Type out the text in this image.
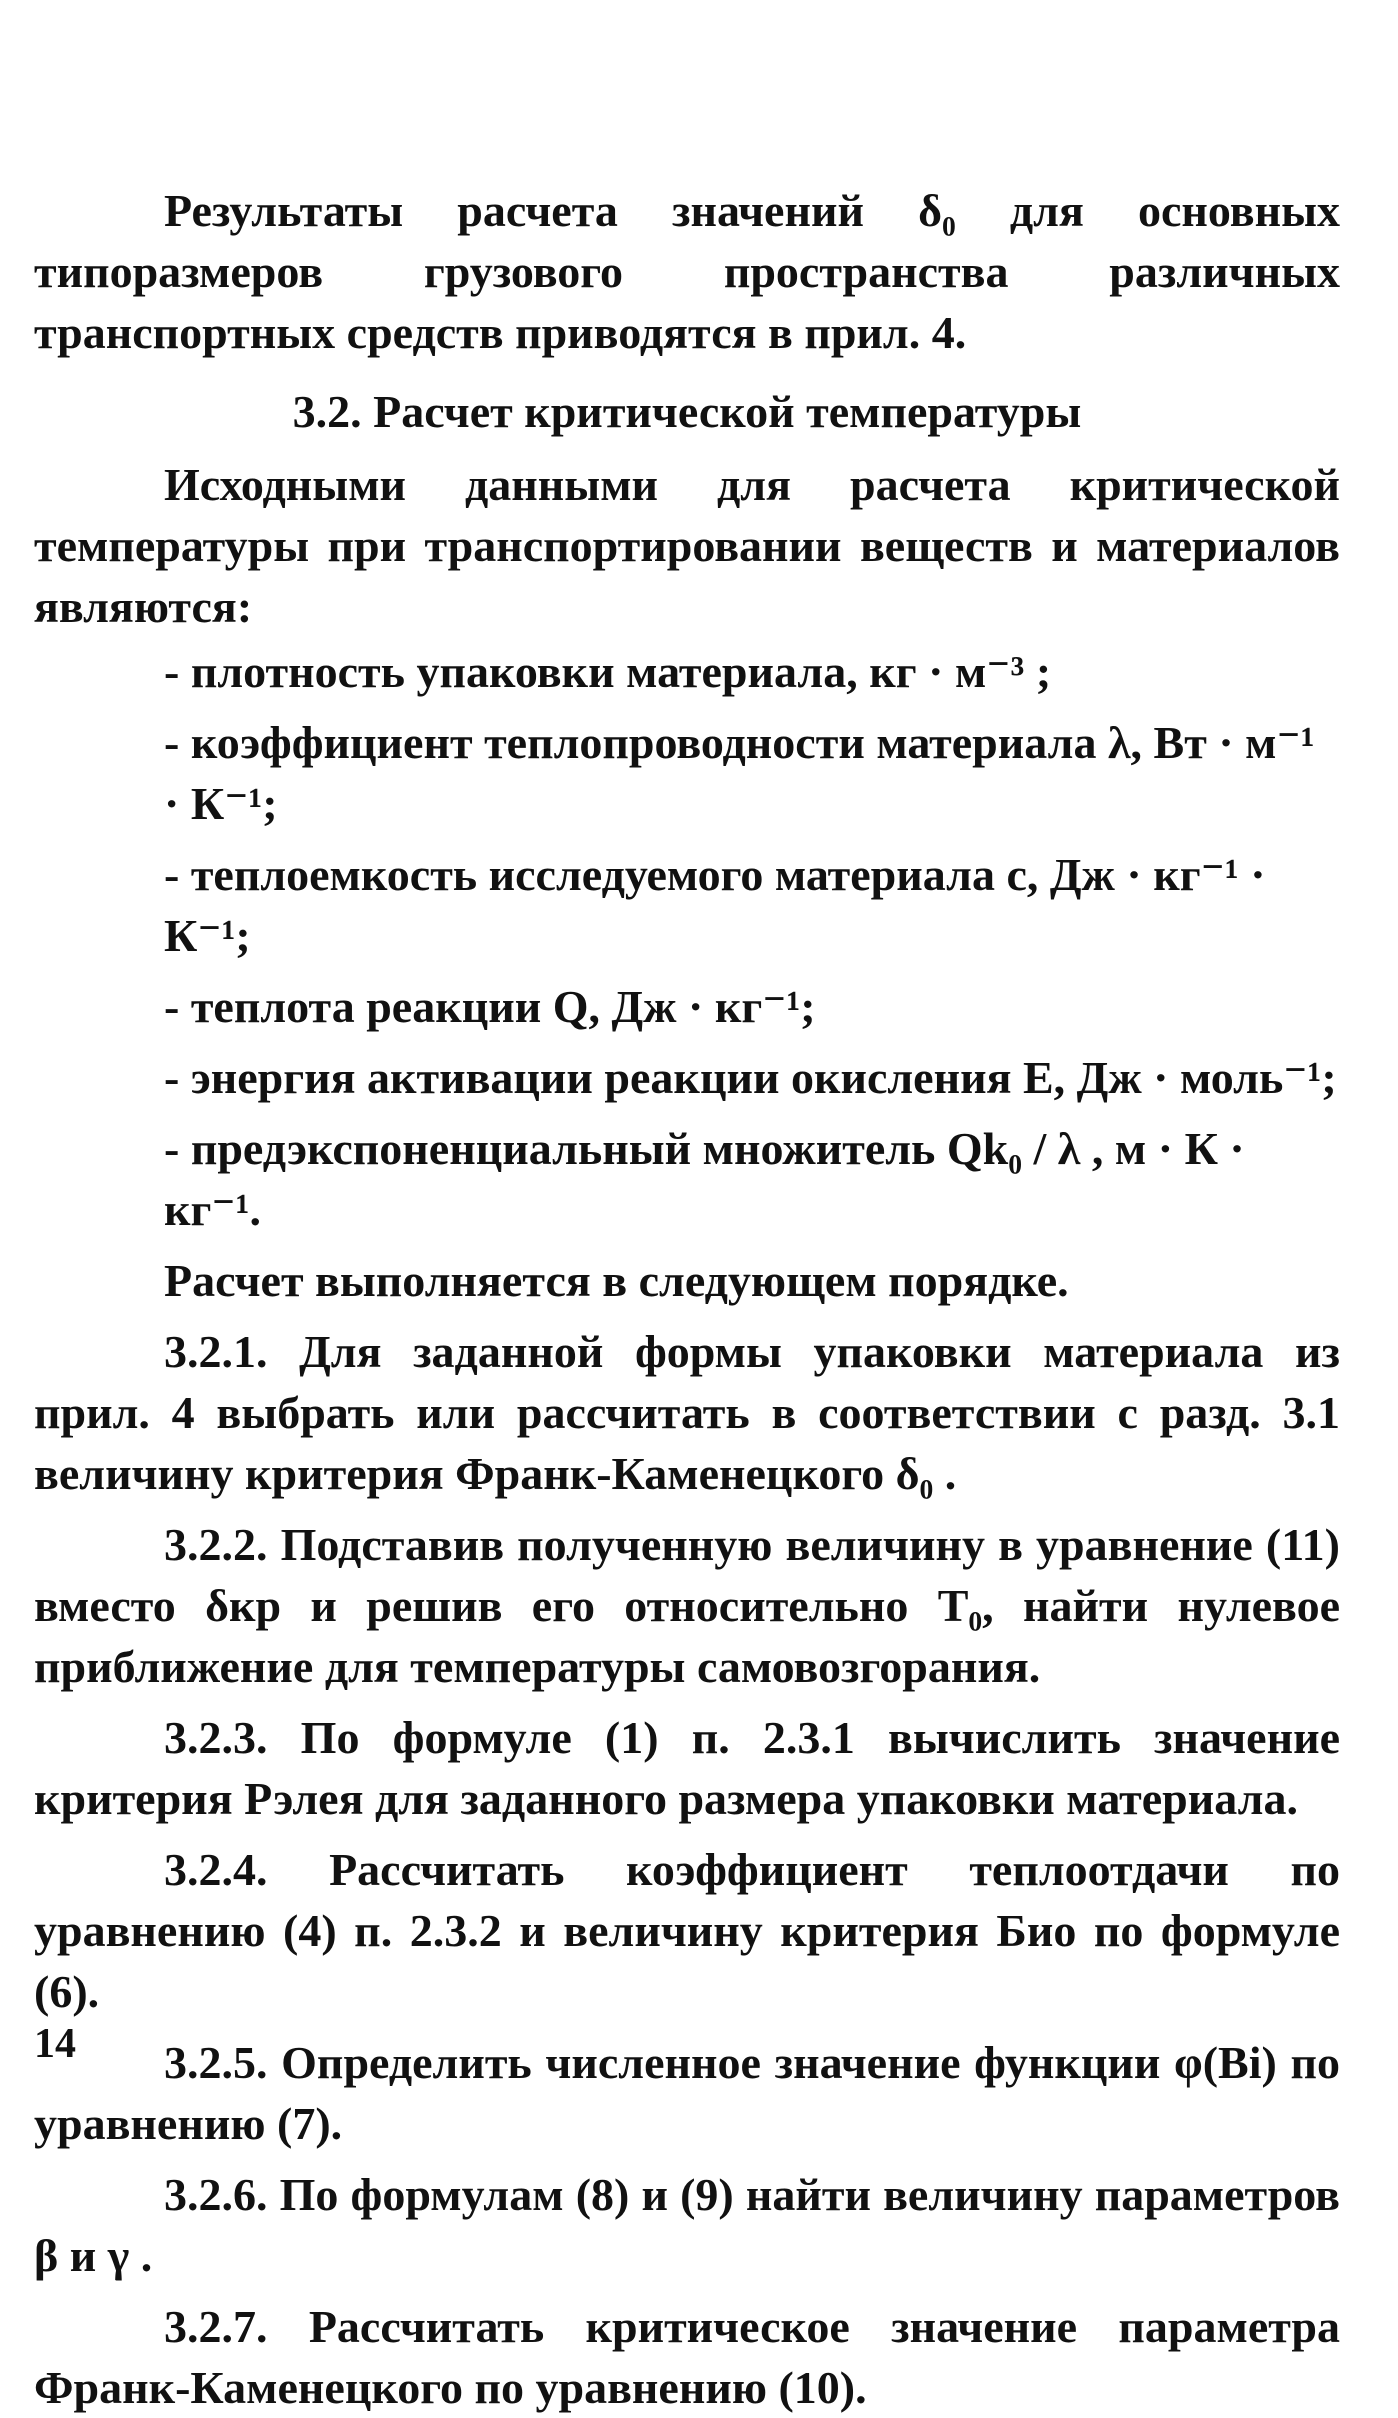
Результаты расчета значений δ₀ для основных типоразмеров грузового пространства различных транспортных средств приводятся в прил. 4.

3.2. Расчет критической температуры

Исходными данными для расчета критической температуры при транспортировании веществ и материалов являются:

- плотность упаковки материала, кг · м⁻³ ;
- коэффициент теплопроводности материала λ, Вт · м⁻¹ · К⁻¹;
- теплоемкость исследуемого материала c, Дж · кг⁻¹ · К⁻¹;
- теплота реакции Q, Дж · кг⁻¹;
- энергия активации реакции окисления E, Дж · моль⁻¹;
- предэкспоненциальный множитель Qk₀ / λ , м · К · кг⁻¹.

Расчет выполняется в следующем порядке.

3.2.1. Для заданной формы упаковки материала из прил. 4 выбрать или рассчитать в соответствии с разд. 3.1 величину критерия Франк-Каменецкого δ₀ .

3.2.2. Подставив полученную величину в уравнение (11) вместо δкр и решив его относительно T₀, найти нулевое приближение для температуры самовозгорания.

3.2.3. По формуле (1) п. 2.3.1 вычислить значение критерия Рэлея для заданного размера упаковки материала.

3.2.4. Рассчитать коэффициент теплоотдачи по уравнению (4) п. 2.3.2 и величину критерия Био по формуле (6).

3.2.5. Определить численное значение функции φ(Bi) по уравнению (7).

3.2.6. По формулам (8) и (9) найти величину параметров β и γ .

3.2.7. Рассчитать критическое значение параметра Франк-Каменецкого по уравнению (10).

14
